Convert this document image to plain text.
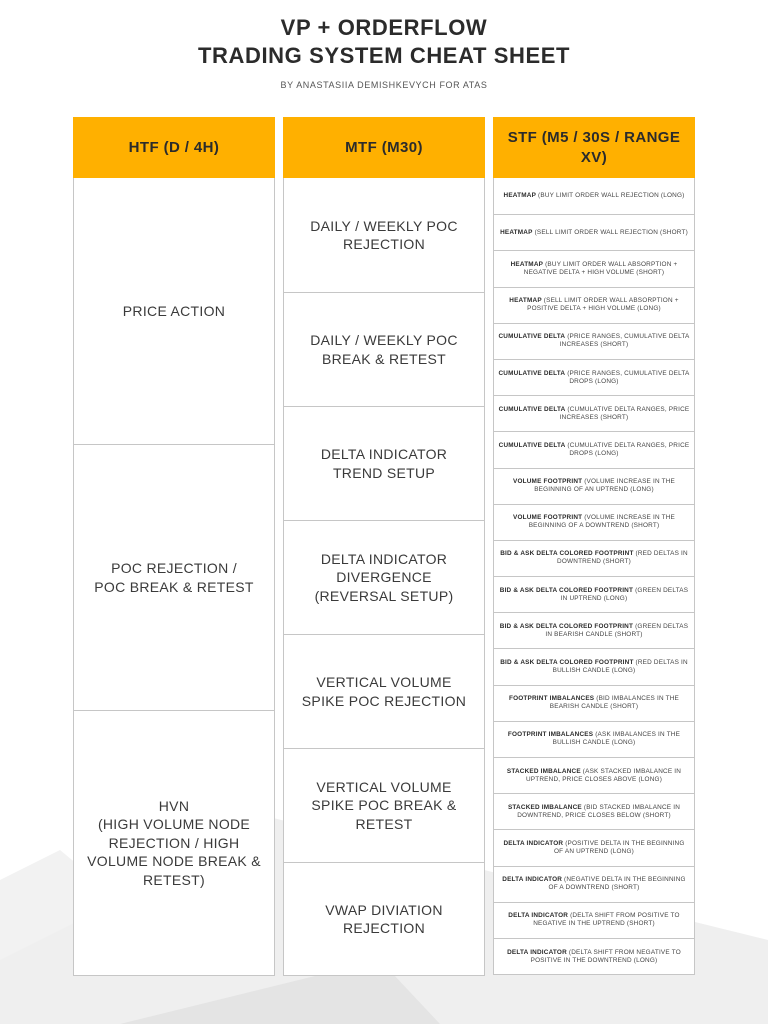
VP + ORDERFLOW
TRADING SYSTEM CHEAT SHEET
BY ANASTASIIA DEMISHKEVYCH FOR ATAS
HTF (D / 4H)
PRICE ACTION
POC REJECTION /
POC BREAK & RETEST
HVN
(HIGH VOLUME NODE REJECTION / HIGH VOLUME NODE BREAK & RETEST)
MTF (M30)
DAILY / WEEKLY POC REJECTION
DAILY / WEEKLY POC BREAK & RETEST
DELTA INDICATOR TREND SETUP
DELTA INDICATOR DIVERGENCE (REVERSAL SETUP)
VERTICAL VOLUME SPIKE POC REJECTION
VERTICAL VOLUME SPIKE POC BREAK & RETEST
VWAP DIVIATION REJECTION
STF (M5 / 30S / RANGE XV)
HEATMAP (BUY LIMIT ORDER WALL REJECTION (LONG)
HEATMAP (SELL LIMIT ORDER WALL REJECTION (SHORT)
HEATMAP (BUY LIMIT ORDER WALL ABSORPTION + NEGATIVE DELTA + HIGH VOLUME (SHORT)
HEATMAP (SELL LIMIT ORDER WALL ABSORPTION + POSITIVE DELTA + HIGH VOLUME (LONG)
CUMULATIVE DELTA (PRICE RANGES, CUMULATIVE DELTA INCREASES (SHORT)
CUMULATIVE DELTA (PRICE RANGES, CUMULATIVE DELTA DROPS (LONG)
CUMULATIVE DELTA (CUMULATIVE DELTA RANGES, PRICE INCREASES (SHORT)
CUMULATIVE DELTA (CUMULATIVE DELTA RANGES, PRICE DROPS (LONG)
VOLUME FOOTPRINT (VOLUME INCREASE IN THE BEGINNING OF AN UPTREND (LONG)
VOLUME FOOTPRINT (VOLUME INCREASE IN THE BEGINNING OF A DOWNTREND (SHORT)
BID & ASK DELTA COLORED FOOTPRINT (RED DELTAS IN DOWNTREND (SHORT)
BID & ASK DELTA COLORED FOOTPRINT (GREEN DELTAS IN UPTREND (LONG)
BID & ASK DELTA COLORED FOOTPRINT (GREEN DELTAS IN BEARISH CANDLE (SHORT)
BID & ASK DELTA COLORED FOOTPRINT (RED DELTAS IN BULLISH CANDLE (LONG)
FOOTPRINT IMBALANCES (BID IMBALANCES IN THE BEARISH CANDLE (SHORT)
FOOTPRINT IMBALANCES (ASK IMBALANCES IN THE BULLISH CANDLE (LONG)
STACKED IMBALANCE (ASK STACKED IMBALANCE IN UPTREND, PRICE CLOSES ABOVE (LONG)
STACKED IMBALANCE (BID STACKED IMBALANCE IN DOWNTREND, PRICE CLOSES BELOW (SHORT)
DELTA INDICATOR (POSITIVE DELTA IN THE BEGINNING OF AN UPTREND (LONG)
DELTA INDICATOR (NEGATIVE DELTA IN THE BEGINNING OF A DOWNTREND (SHORT)
DELTA INDICATOR (DELTA SHIFT FROM POSITIVE TO NEGATIVE IN THE UPTREND (SHORT)
DELTA INDICATOR (DELTA SHIFT FROM NEGATIVE TO POSITIVE IN THE DOWNTREND (LONG)
